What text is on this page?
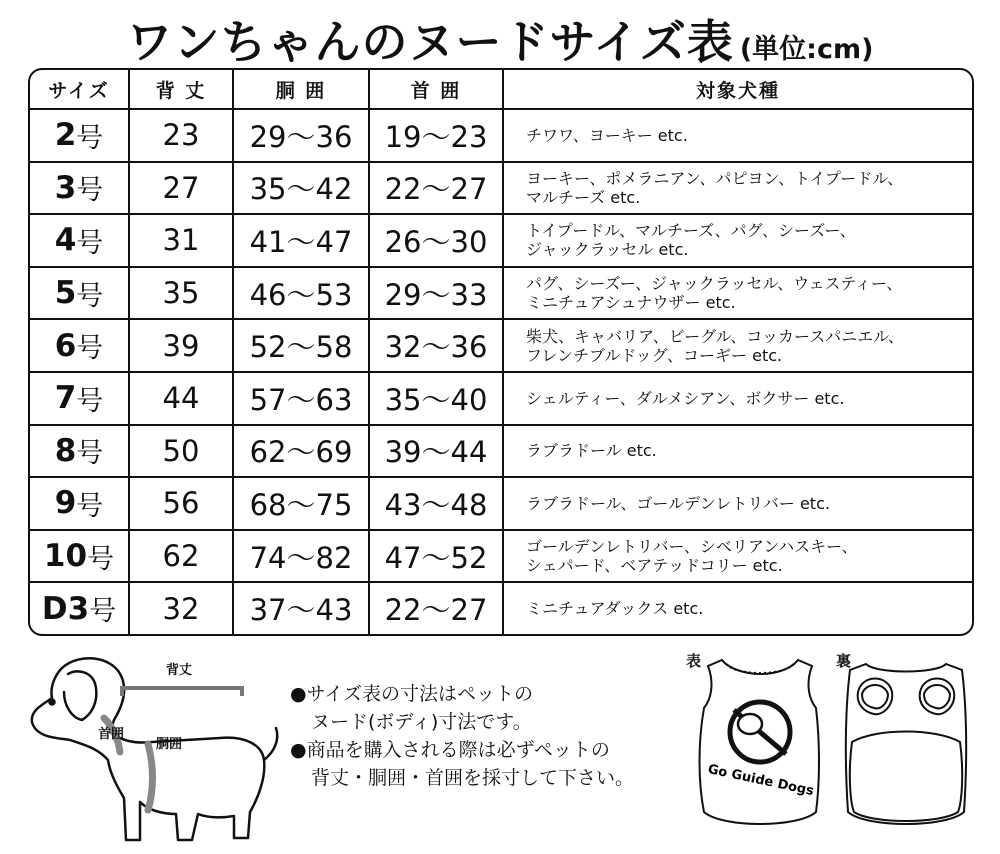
ワンちゃんのヌードサイズ表 (単位:cm)
サイズ	背 丈	胴 囲	首 囲	対象犬種
2 号	23	29〜36	19〜23	チワワ、ヨーキー etc.
3 号	27	35〜42	22〜27	ヨーキー、ポメラニアン、パピヨン、トイプードル、
マルチーズ etc.
4 号	31	41〜47	26〜30	トイプードル、マルチーズ、パグ、シーズー、
ジャックラッセル etc.
5 号	35	46〜53	29〜33	パグ、シーズー、ジャックラッセル、ウェスティー、
ミニチュアシュナウザー etc.
6 号	39	52〜58	32〜36	柴犬、キャバリア、ビーグル、コッカースパニエル、
フレンチブルドッグ、コーギー etc.
7 号	44	57〜63	35〜40	シェルティー、ダルメシアン、ボクサー etc.
8 号	50	62〜69	39〜44	ラブラドール etc.
9 号	56	68〜75	43〜48	ラブラドール、ゴールデンレトリバー etc.
10 号	62	74〜82	47〜52	ゴールデンレトリバー、シベリアンハスキー、
シェパード、ベアテッドコリー etc.
D3 号	32	37〜43	22〜27	ミニチュアダックス etc.
背丈
首囲
胴囲
●サイズ表の寸法はペットの
ヌード(ボディ)寸法です。
●商品を購入される際は必ずペットの
背丈・胴囲・首囲を採寸して下さい。	Go Guide Dogs
表	裏
